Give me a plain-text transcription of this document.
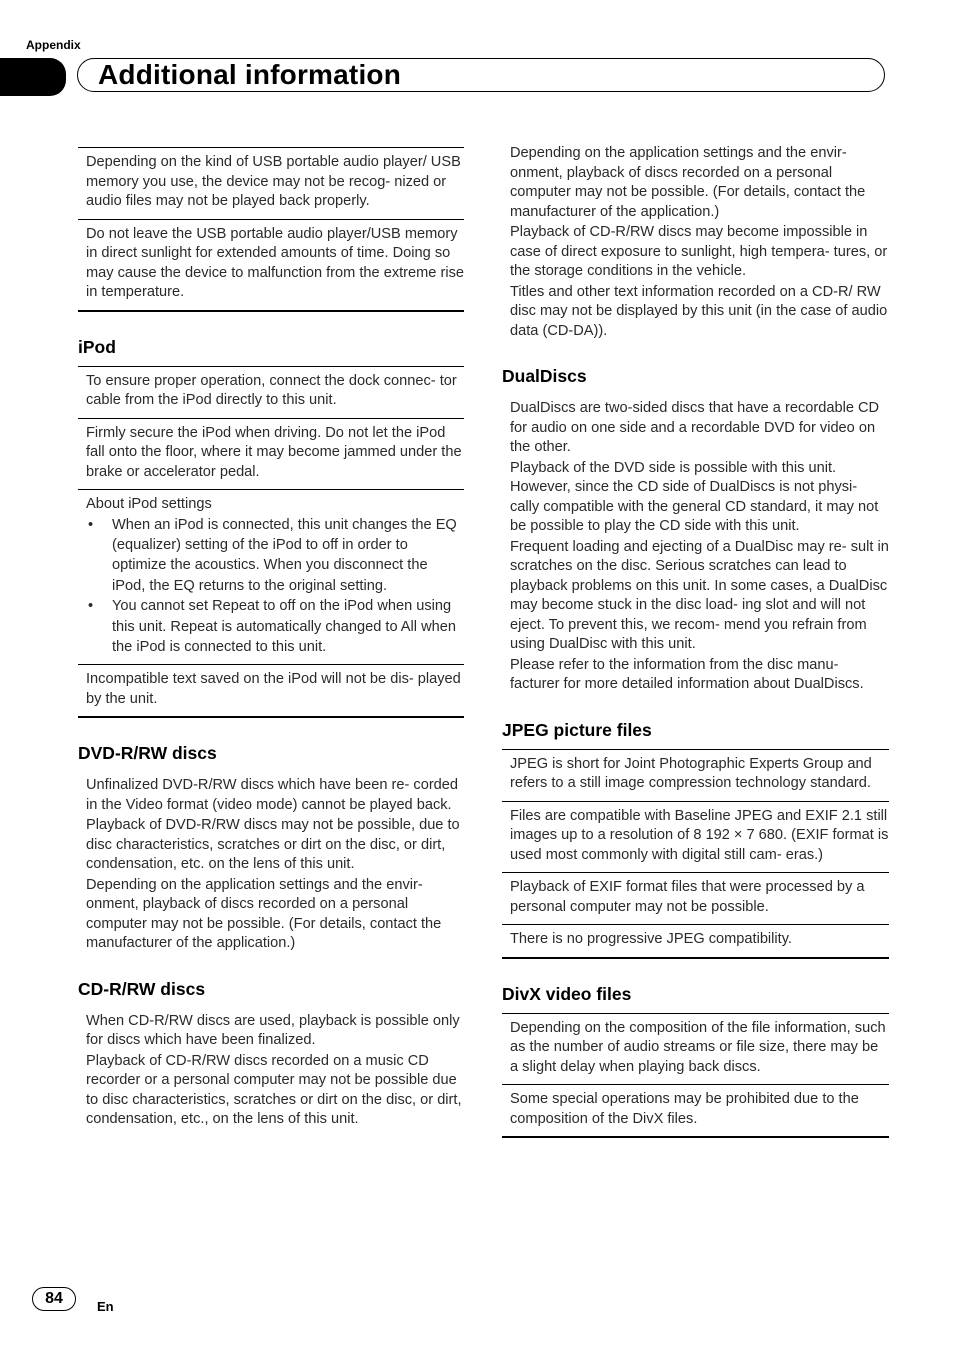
Appendix
Additional information

Depending on the kind of USB portable audio player/ USB memory you use, the device may not be recog- nized or audio files may not be played back properly.

Do not leave the USB portable audio player/USB memory in direct sunlight for extended amounts of time. Doing so may cause the device to malfunction from the extreme rise in temperature.

iPod

To ensure proper operation, connect the dock connec- tor cable from the iPod directly to this unit.

Firmly secure the iPod when driving. Do not let the iPod fall onto the floor, where it may become jammed under the brake or accelerator pedal.

About iPod settings

• When an iPod is connected, this unit changes the EQ (equalizer) setting of the iPod to off in order to optimize the acoustics. When you disconnect the iPod, the EQ returns to the original setting.
• You cannot set Repeat to off on the iPod when using this unit. Repeat is automatically changed to All when the iPod is connected to this unit.

Incompatible text saved on the iPod will not be dis- played by the unit.

DVD-R/RW discs

Unfinalized DVD-R/RW discs which have been re- corded in the Video format (video mode) cannot be played back.

Playback of DVD-R/RW discs may not be possible, due to disc characteristics, scratches or dirt on the disc, or dirt, condensation, etc. on the lens of this unit.

Depending on the application settings and the envir- onment, playback of discs recorded on a personal computer may not be possible. (For details, contact the manufacturer of the application.)

CD-R/RW discs

When CD-R/RW discs are used, playback is possible only for discs which have been finalized.

Playback of CD-R/RW discs recorded on a music CD recorder or a personal computer may not be possible due to disc characteristics, scratches or dirt on the disc, or dirt, condensation, etc., on the lens of this unit.

Depending on the application settings and the envir- onment, playback of discs recorded on a personal computer may not be possible. (For details, contact the manufacturer of the application.)

Playback of CD-R/RW discs may become impossible in case of direct exposure to sunlight, high tempera- tures, or the storage conditions in the vehicle.

Titles and other text information recorded on a CD-R/ RW disc may not be displayed by this unit (in the case of audio data (CD-DA)).

DualDiscs

DualDiscs are two-sided discs that have a recordable CD for audio on one side and a recordable DVD for video on the other.

Playback of the DVD side is possible with this unit. However, since the CD side of DualDiscs is not physi- cally compatible with the general CD standard, it may not be possible to play the CD side with this unit.

Frequent loading and ejecting of a DualDisc may re- sult in scratches on the disc. Serious scratches can lead to playback problems on this unit. In some cases, a DualDisc may become stuck in the disc load- ing slot and will not eject. To prevent this, we recom- mend you refrain from using DualDisc with this unit.

Please refer to the information from the disc manu- facturer for more detailed information about DualDiscs.

JPEG picture files

JPEG is short for Joint Photographic Experts Group and refers to a still image compression technology standard.

Files are compatible with Baseline JPEG and EXIF 2.1 still images up to a resolution of 8 192 × 7 680. (EXIF format is used most commonly with digital still cam- eras.)

Playback of EXIF format files that were processed by a personal computer may not be possible.

There is no progressive JPEG compatibility.

DivX video files

Depending on the composition of the file information, such as the number of audio streams or file size, there may be a slight delay when playing back discs.

Some special operations may be prohibited due to the composition of the DivX files.

84	En
